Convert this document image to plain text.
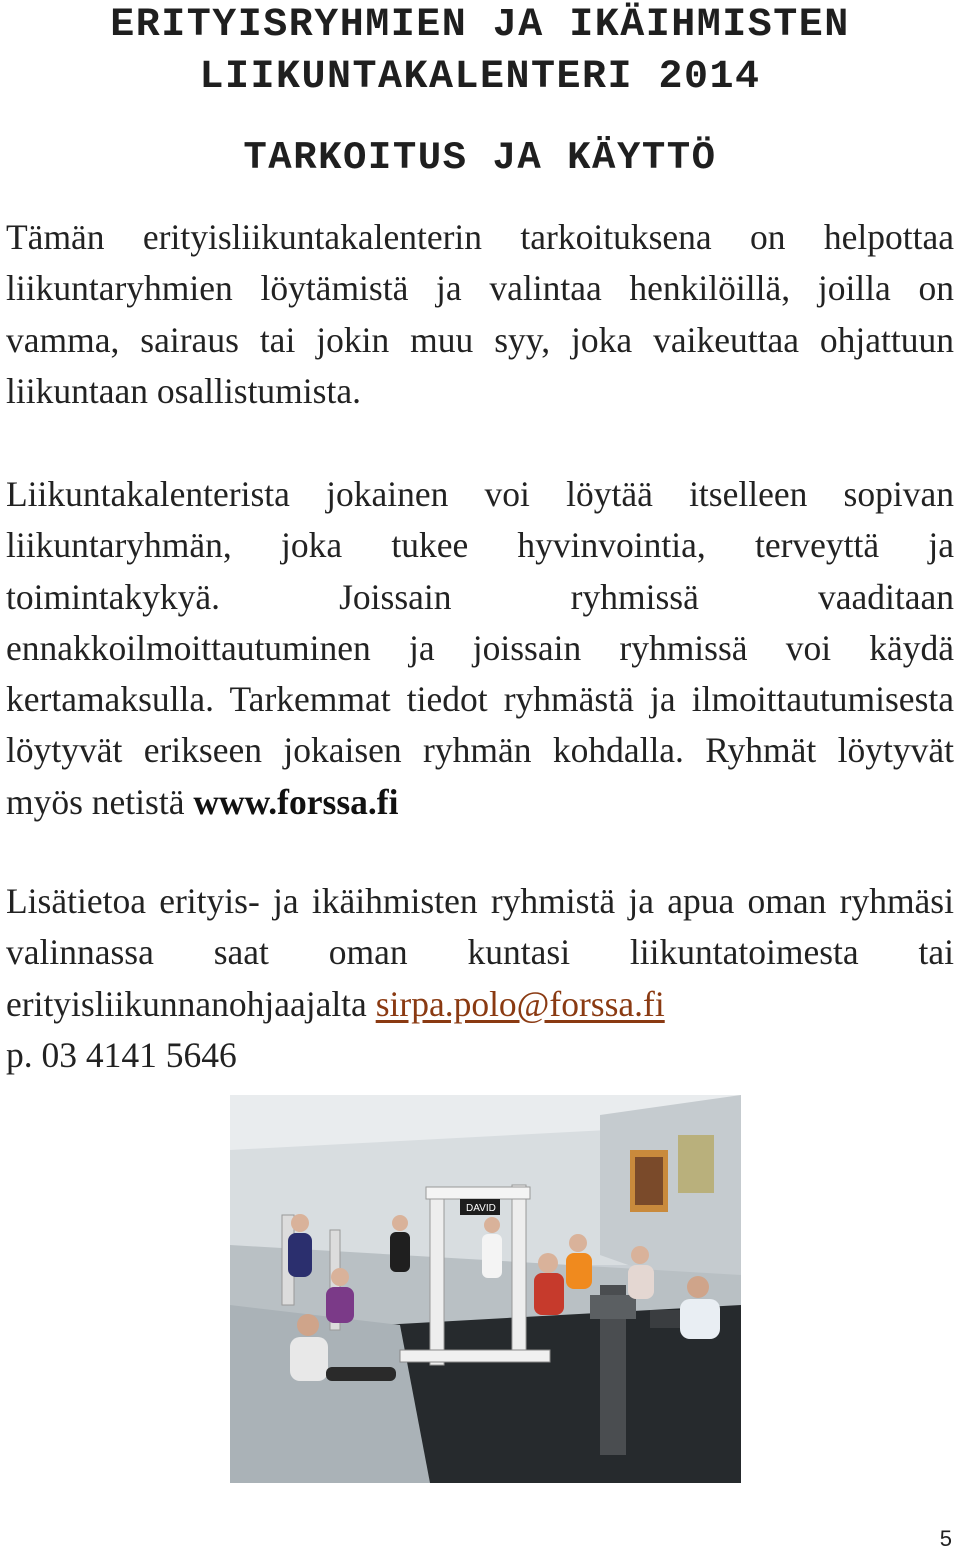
ERITYISRYHMIEN JA IKÄIHMISTEN
LIIKUNTAKALENTERI 2014
TARKOITUS JA KÄYTTÖ

Tämän erityisliikuntakalenterin tarkoituksena on helpottaa liikuntaryhmien löytämistä ja valintaa henkilöillä, joilla on vamma, sairaus tai jokin muu syy, joka vaikeuttaa ohjattuun liikuntaan osallistumista.

Liikuntakalenterista jokainen voi löytää itselleen sopivan liikuntaryhmän, joka tukee hyvinvointia, terveyttä ja toimintakykyä. Joissain ryhmissä vaaditaan ennakkoilmoittautuminen ja joissain ryhmissä voi käydä kertamaksulla. Tarkemmat tiedot ryhmästä ja ilmoittautumisesta löytyvät erikseen jokaisen ryhmän kohdalla. Ryhmät löytyvät myös netistä www.forssa.fi

Lisätietoa erityis- ja ikäihmisten ryhmistä ja apua oman ryhmäsi valinnassa saat oman kuntasi liikuntatoimesta tai erityisliikunnanohjaajalta sirpa.polo@forssa.fi
p. 03 4141 5646

DAVID
5
